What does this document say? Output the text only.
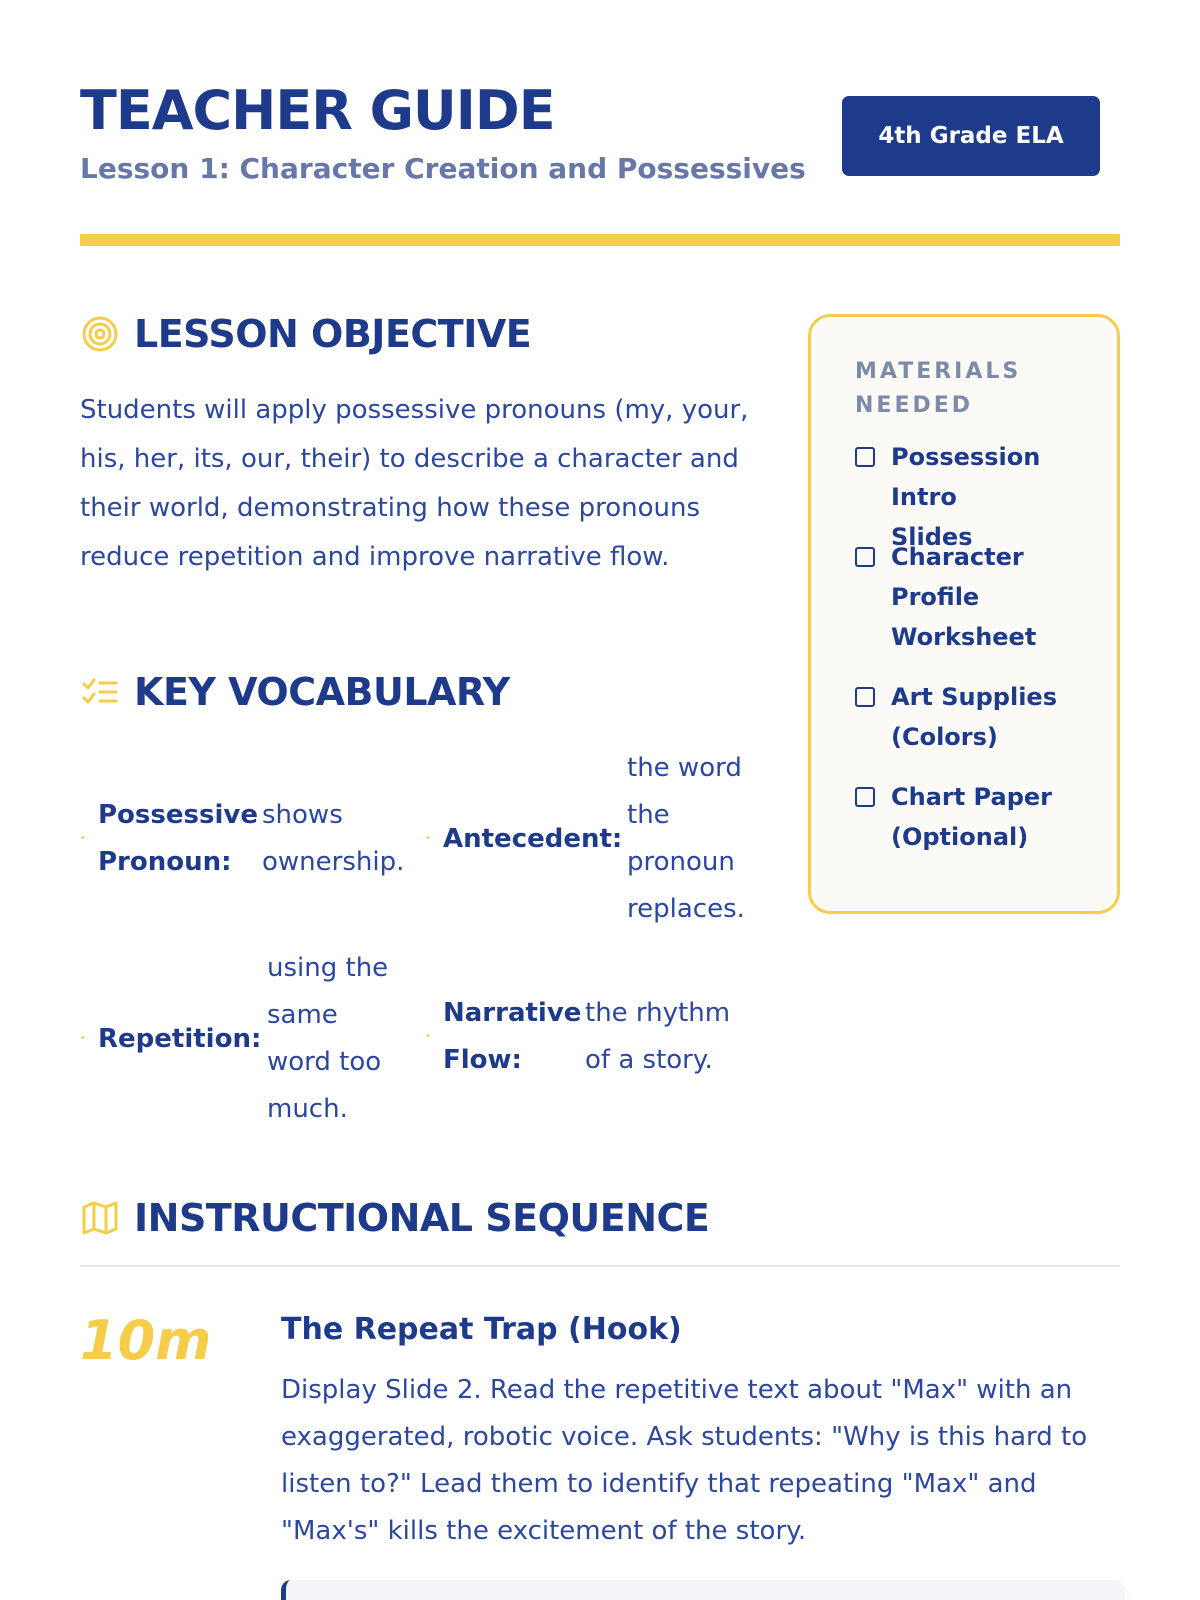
TEACHER GUIDE

Lesson 1: Character Creation and Possessives

4th Grade ELA
LESSON OBJECTIVE

Students will apply possessive pronouns (my, your, his, her, its, our, their) to describe a character and their world, demonstrating how these pronouns reduce repetition and improve narrative flow.

KEY VOCABULARY
•
Possessive Pronoun:
shows ownership.
• Antecedent:
the word the pronoun replaces.
• Repetition:
using the same word too much.
•
Narrative Flow:
the rhythm of a story.
MATERIALS NEEDED
Possession Intro Slides
Character Profile Worksheet
Art Supplies (Colors)
Chart Paper (Optional)
INSTRUCTIONAL SEQUENCE
10m The Repeat Trap (Hook)

Display Slide 2. Read the repetitive text about "Max" with an exaggerated, robotic voice. Ask students: "Why is this hard to listen to?" Lead them to identify that repeating "Max" and "Max's" kills the excitement of the story.
